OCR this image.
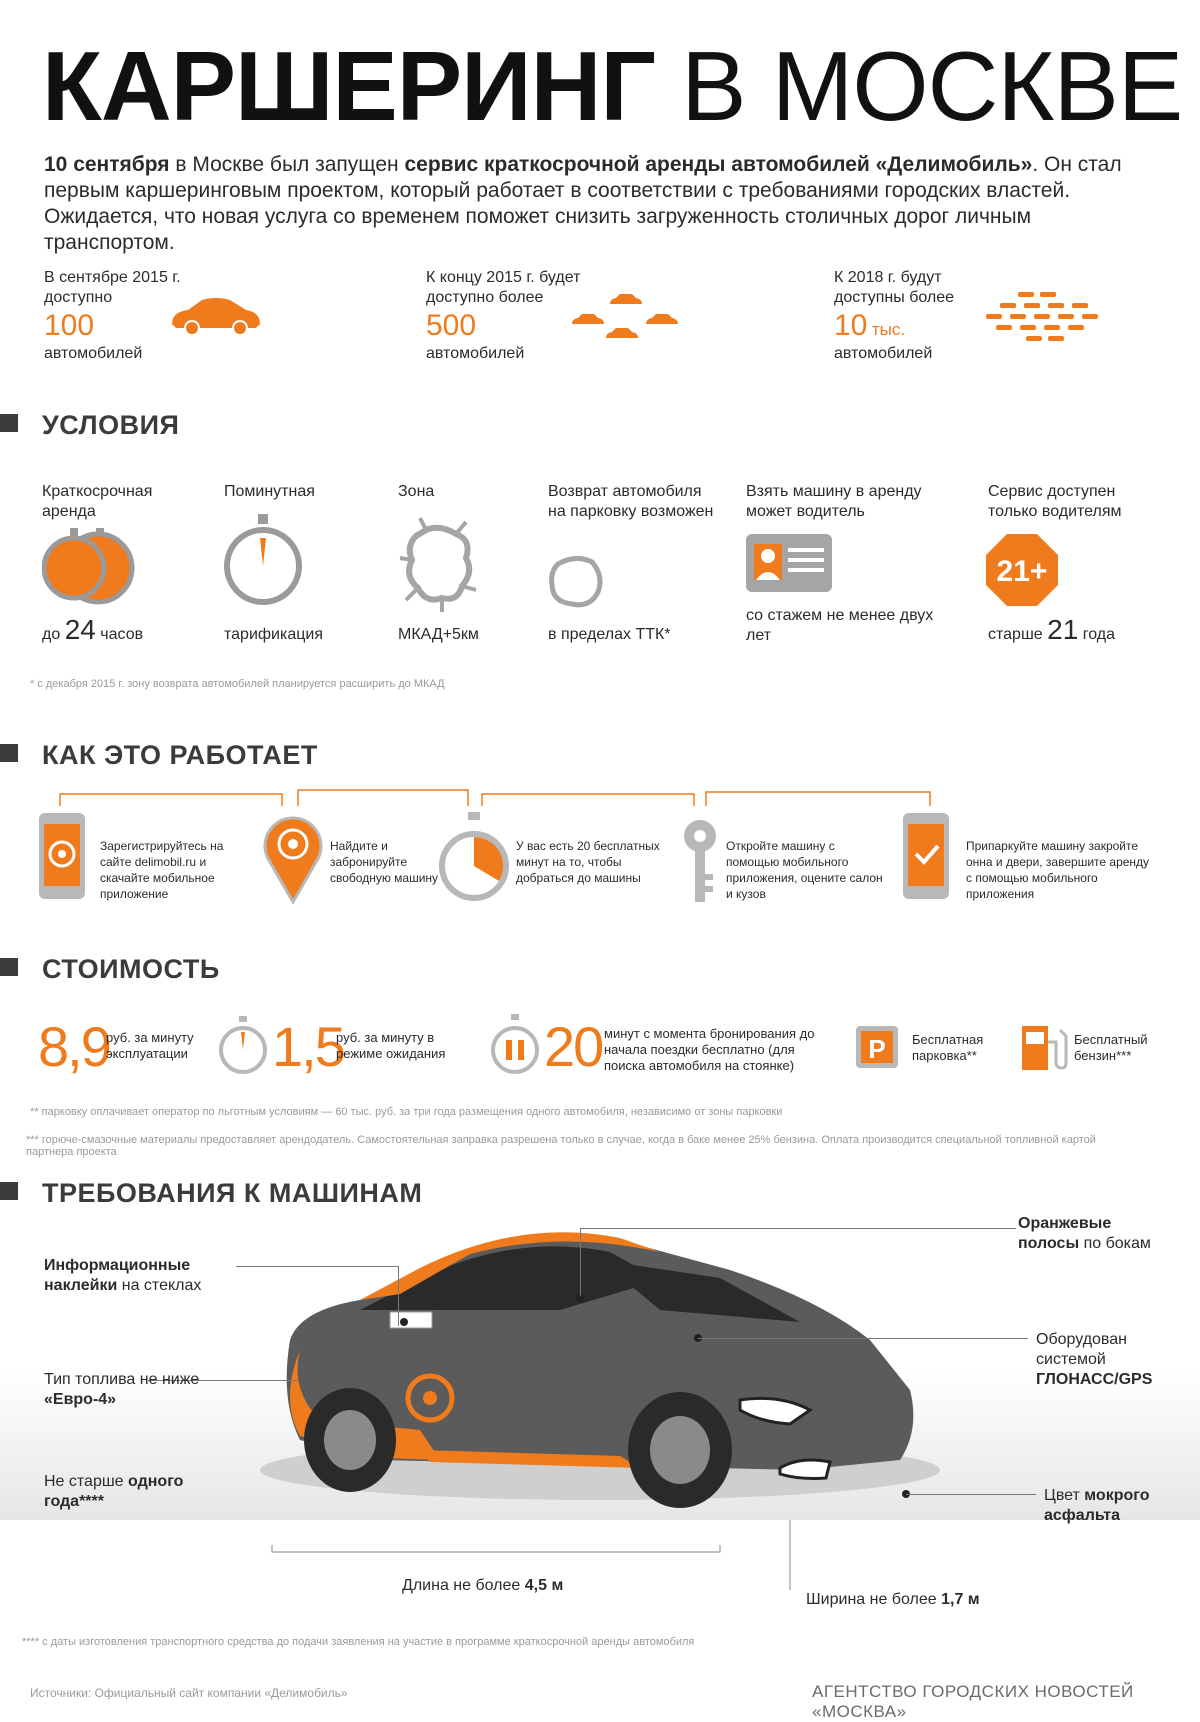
КАРШЕРИНГ В МОСКВЕ
10 сентября в Москве был запущен сервис краткосрочной аренды автомобилей «Делимобиль». Он стал первым каршеринговым проектом, который работает в соответствии с требованиями городских властей. Ожидается, что новая услуга со временем поможет снизить загруженность столичных дорог личным транспортом.
В сентябре 2015 г.
доступно
100
автомобилей
К концу 2015 г. будет
доступно более
500
автомобилей
К 2018 г. будут
доступны более
10 тыс.
автомобилей
УСЛОВИЯ
Краткосрочная аренда
до 24 часов
Поминутная
тарификация
Зона
МКАД+5км
Возврат автомобиля на парковку возможен
в пределах ТТК*
Взять машину в аренду может водитель
со стажем не менее двух лет
Сервис доступен только водителям
21+
старше 21 года
* с декабря 2015 г. зону возврата автомобилей планируется расширить до МКАД
КАК ЭТО РАБОТАЕТ
Зарегистрируйтесь на сайте delimobil.ru и скачайте мобильное приложение
Найдите и забронируйте свободную машину
У вас есть 20 бесплатных минут на то, чтобы добраться до машины
Откройте машину с помощью мобильного приложения, оцените салон и кузов
Припаркуйте машину закройте онна и двери, завершите аренду с помощью мобильного приложения
СТОИМОСТЬ
8,9
руб. за минуту эксплуатации	1,5
руб. за минуту в режиме ожидания	20 минут с момента бронирования до начала поездки бесплатно (для поиска автомобиля на стоянке)
P Бесплатная парковка**
Бесплатный бензин***
** парковку оплачивает оператор по льготным условиям — 60 тыс. руб. за три года размещения одного автомобиля, независимо от зоны парковки
*** горюче-смазочные материалы предоставляет арендодатель. Самостоятельная заправка разрешена только в случае, когда в баке менее 25% бензина. Оплата производится специальной топливной картой партнера проекта
ТРЕБОВАНИЯ К МАШИНАМ
Информационные наклейки на стеклах
Тип топлива не ниже «Евро-4»
Не старше одного года****
Оранжевые полосы по бокам
Оборудован системой ГЛОНАСС/GPS
Цвет мокрого асфальта
Длина не более 4,5 м
Ширина не более 1,7 м
**** с даты изготовления транспортного средства до подачи заявления на участие в программе краткосрочной аренды автомобиля
Источники: Официальный сайт компании «Делимобиль»	АГЕНТСТВО ГОРОДСКИХ НОВОСТЕЙ «МОСКВА»
